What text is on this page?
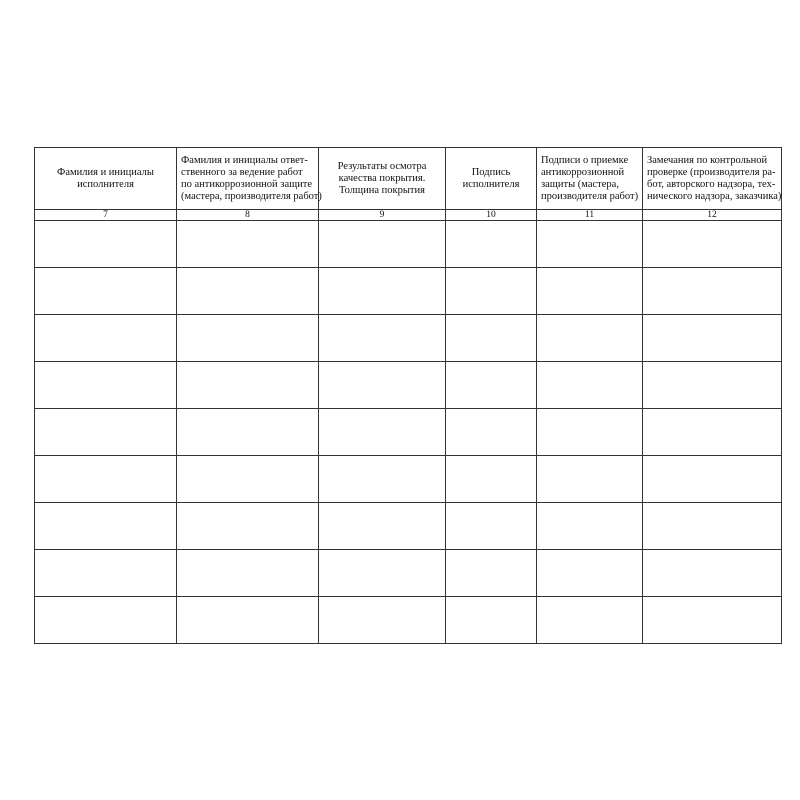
Фамилия и инициалы
исполнителя	Фамилия и инициалы ответ-
ственного за ведение работ
по антикоррозионной защите
(мастера, производителя работ)	Результаты осмотра
качества покрытия.
Толщина покрытия	Подпись
исполнителя	Подписи о приемке
антикоррозионной
защиты (мастера,
производителя работ)	Замечания по контрольной
проверке (производителя ра-
бот, авторского надзора, тех-
нического надзора, заказчика)

7	8	9	10	11	12
